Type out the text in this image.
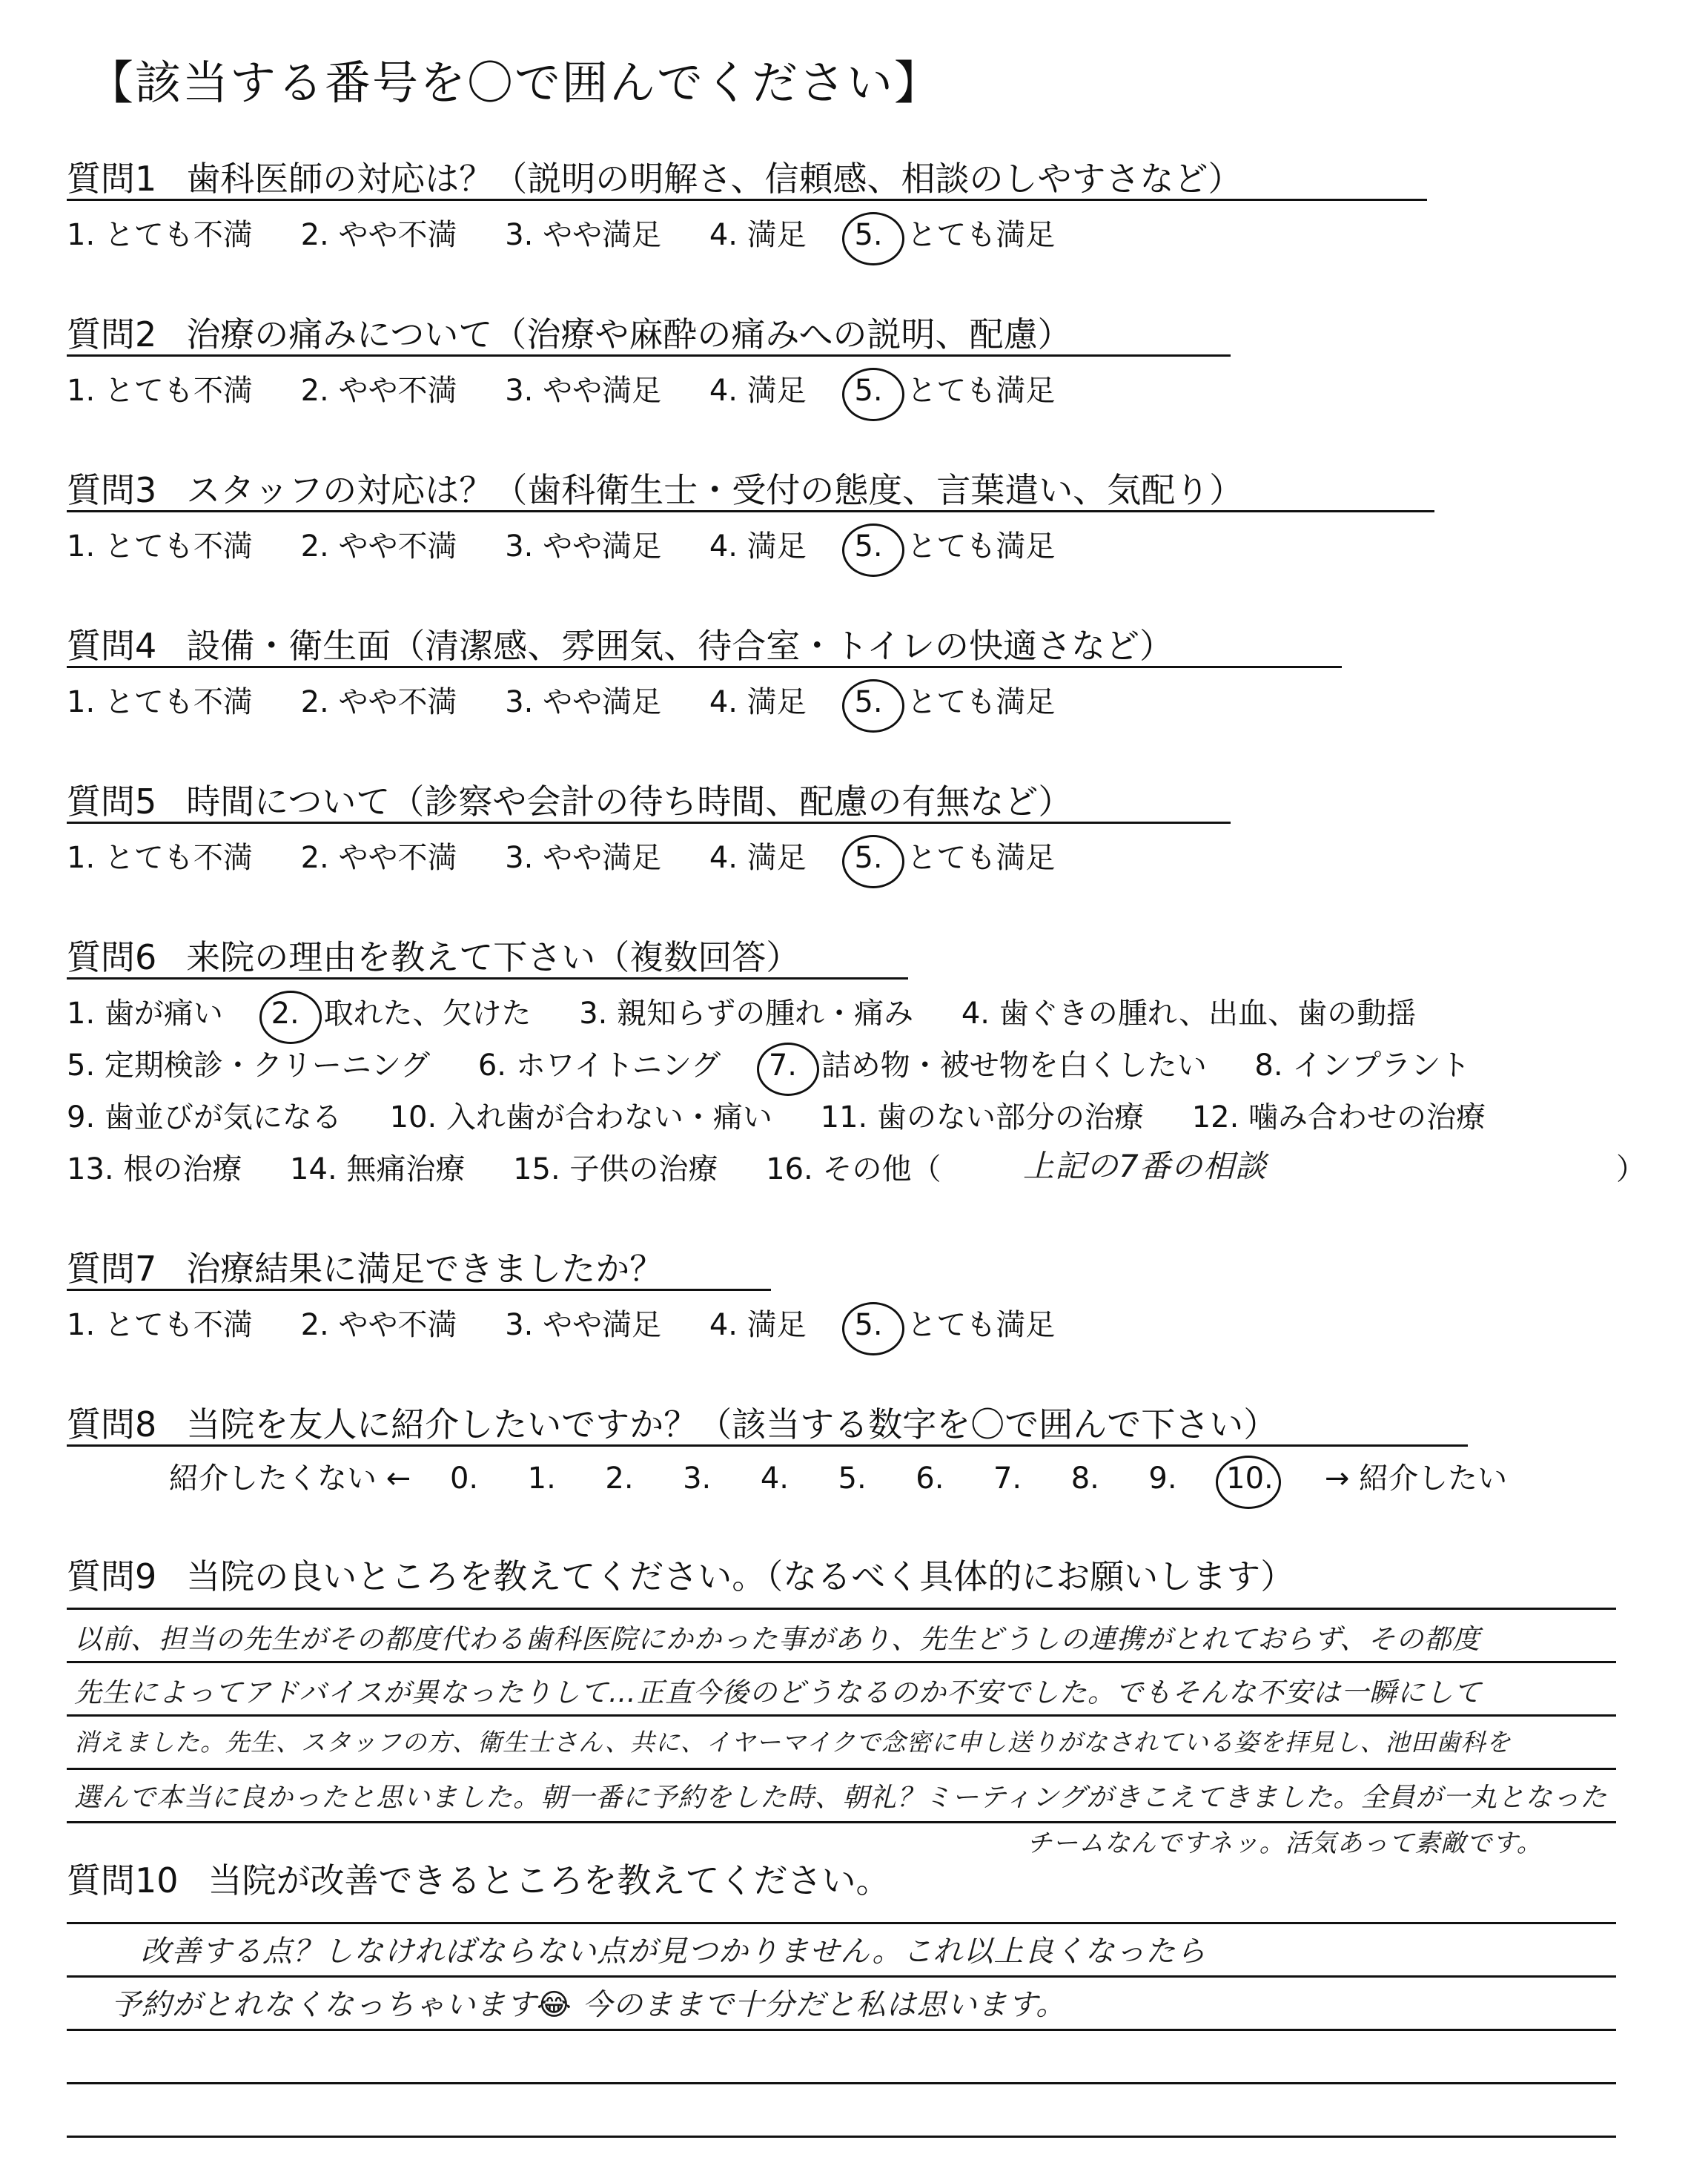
【該当する番号を〇で囲んでください】
質問1 歯科医師の対応は？（説明の明解さ、信頼感、相談のしやすさなど）
1. とても不満 2. やや不満 3. やや満足 4. 満足 5. とても満足
質問2 治療の痛みについて（治療や麻酔の痛みへの説明、配慮）
1. とても不満 2. やや不満 3. やや満足 4. 満足 5. とても満足
質問3 スタッフの対応は？（歯科衛生士・受付の態度、言葉遣い、気配り）
1. とても不満 2. やや不満 3. やや満足 4. 満足 5. とても満足
質問4 設備・衛生面（清潔感、雰囲気、待合室・トイレの快適さなど）
1. とても不満 2. やや不満 3. やや満足 4. 満足 5. とても満足
質問5 時間について（診察や会計の待ち時間、配慮の有無など）
1. とても不満 2. やや不満 3. やや満足 4. 満足 5. とても満足
質問6 来院の理由を教えて下さい（複数回答）
1. 歯が痛い 2. 取れた、欠けた 3. 親知らずの腫れ・痛み 4. 歯ぐきの腫れ、出血、歯の動揺
5. 定期検診・クリーニング 6. ホワイトニング 7. 詰め物・被せ物を白くしたい 8. インプラント
9. 歯並びが気になる 10. 入れ歯が合わない・痛い 11. 歯のない部分の治療 12. 噛み合わせの治療
13. 根の治療 14. 無痛治療 15. 子供の治療 16. その他（	上記の7番の相談	）
質問7 治療結果に満足できましたか？
1. とても不満 2. やや不満 3. やや満足 4. 満足 5. とても満足
質問8 当院を友人に紹介したいですか？（該当する数字を〇で囲んで下さい）
紹介したくない ← 0. 1. 2. 3. 4. 5. 6. 7. 8. 9. 10. → 紹介したい
質問9 当院の良いところを教えてください。（なるべく具体的にお願いします）
以前、担当の先生がその都度代わる歯科医院にかかった事があり、先生どうしの連携がとれておらず、その都度
先生によってアドバイスが異なったりして…正直今後のどうなるのか不安でした。でもそんな不安は一瞬にして
消えました。先生、スタッフの方、衛生士さん、共に、イヤーマイクで念密に申し送りがなされている姿を拝見し、池田歯科を
選んで本当に良かったと思いました。朝一番に予約をした時、朝礼？ミーティングがきこえてきました。全員が一丸となった
チームなんですネッ。活気あって素敵です。
質問10 当院が改善できるところを教えてください。
改善する点？しなければならない点が見つかりません。これ以上良くなったら
予約がとれなくなっちゃいます😂 今のままで十分だと私は思います。
